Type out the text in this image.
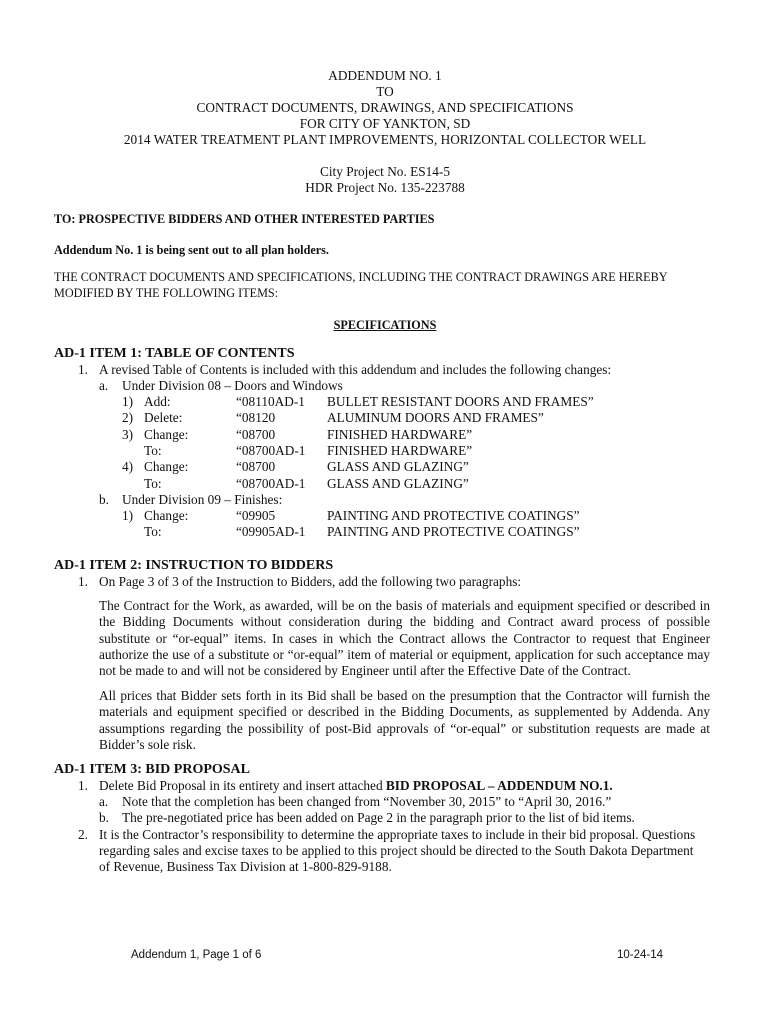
ADDENDUM NO. 1
TO
CONTRACT DOCUMENTS, DRAWINGS, AND SPECIFICATIONS
FOR CITY OF YANKTON, SD
2014 WATER TREATMENT PLANT IMPROVEMENTS, HORIZONTAL COLLECTOR WELL
City Project No. ES14-5
HDR Project No. 135-223788
TO: PROSPECTIVE BIDDERS AND OTHER INTERESTED PARTIES
Addendum No. 1 is being sent out to all plan holders.
THE CONTRACT DOCUMENTS AND SPECIFICATIONS, INCLUDING THE CONTRACT DRAWINGS ARE HEREBY
MODIFIED BY THE FOLLOWING ITEMS:
SPECIFICATIONS
AD-1 ITEM 1: TABLE OF CONTENTS
1. A revised Table of Contents is included with this addendum and includes the following changes:
a. Under Division 08 – Doors and Windows
1) Add:	“08110AD-1 BULLET RESISTANT DOORS AND FRAMES”
2) Delete:	“08120	ALUMINUM DOORS AND FRAMES”
3) Change:	“08700	FINISHED HARDWARE”
To:	“08700AD-1 FINISHED HARDWARE”
4) Change:	“08700	GLASS AND GLAZING”
To:	“08700AD-1 GLASS AND GLAZING”
b. Under Division 09 – Finishes:
1) Change:	“09905	PAINTING AND PROTECTIVE COATINGS”
To:	“09905AD-1 PAINTING AND PROTECTIVE COATINGS”
AD-1 ITEM 2: INSTRUCTION TO BIDDERS
1. On Page 3 of 3 of the Instruction to Bidders, add the following two paragraphs:
The Contract for the Work, as awarded, will be on the basis of materials and equipment specified or described in the Bidding Documents without consideration during the bidding and Contract award process of possible substitute or “or-equal” items. In cases in which the Contract allows the Contractor to request that Engineer authorize the use of a substitute or “or-equal” item of material or equipment, application for such acceptance may not be made to and will not be considered by Engineer until after the Effective Date of the Contract.
All prices that Bidder sets forth in its Bid shall be based on the presumption that the Contractor will furnish the materials and equipment specified or described in the Bidding Documents, as supplemented by Addenda. Any assumptions regarding the possibility of post-Bid approvals of “or-equal” or substitution requests are made at Bidder’s sole risk.
AD-1 ITEM 3: BID PROPOSAL
1. Delete Bid Proposal in its entirety and insert attached BID PROPOSAL – ADDENDUM NO.1.
a. Note that the completion has been changed from “November 30, 2015” to “April 30, 2016.”
b. The pre-negotiated price has been added on Page 2 in the paragraph prior to the list of bid items.
2. It is the Contractor’s responsibility to determine the appropriate taxes to include in their bid proposal. Questions
regarding sales and excise taxes to be applied to this project should be directed to the South Dakota Department
of Revenue, Business Tax Division at 1-800-829-9188.
Addendum 1, Page 1 of 6	10-24-14
